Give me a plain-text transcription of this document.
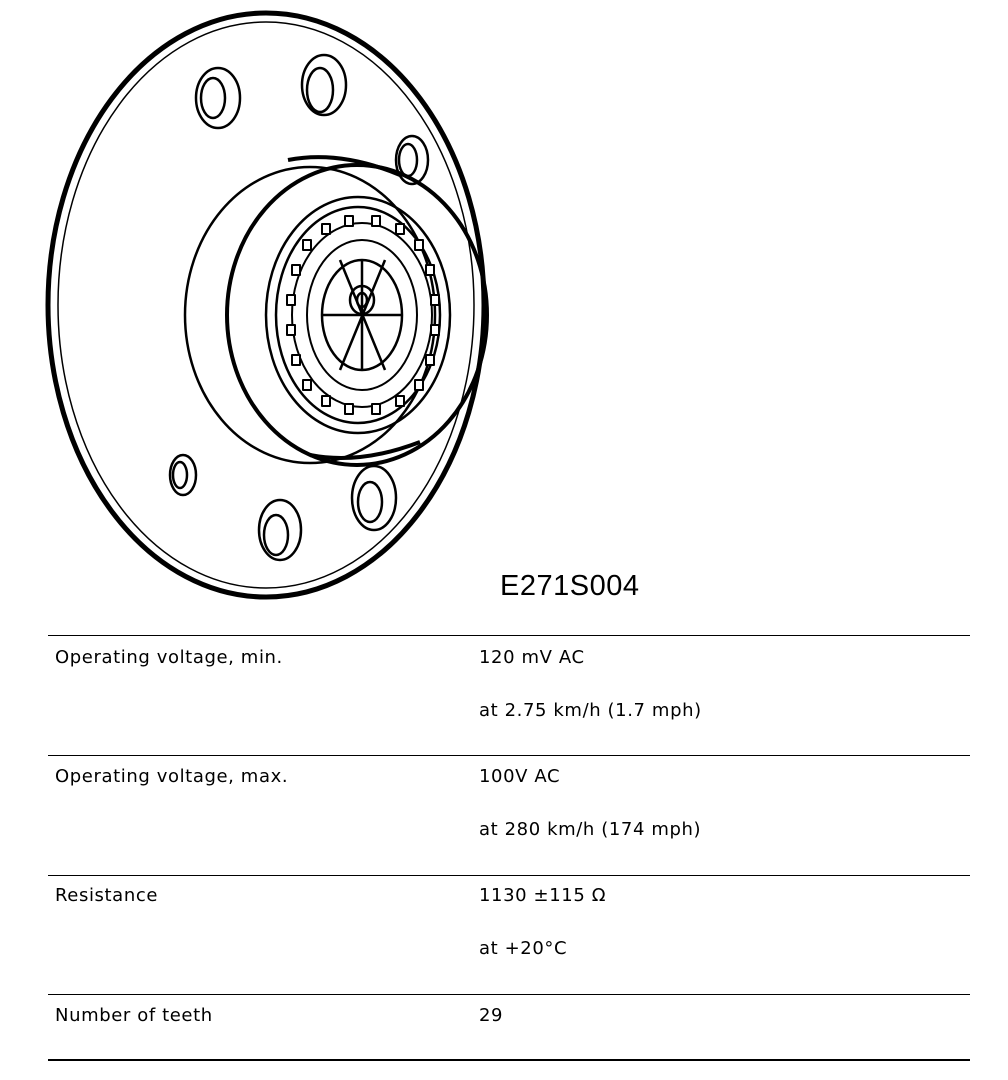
E271S004
Operating voltage, min.	120 mV AC
at 2.75 km/h (1.7 mph)
Operating voltage, max.	100V AC
at 280 km/h (174 mph)
Resistance	1130 ±115 Ω
at +20°C
Number of teeth	29
